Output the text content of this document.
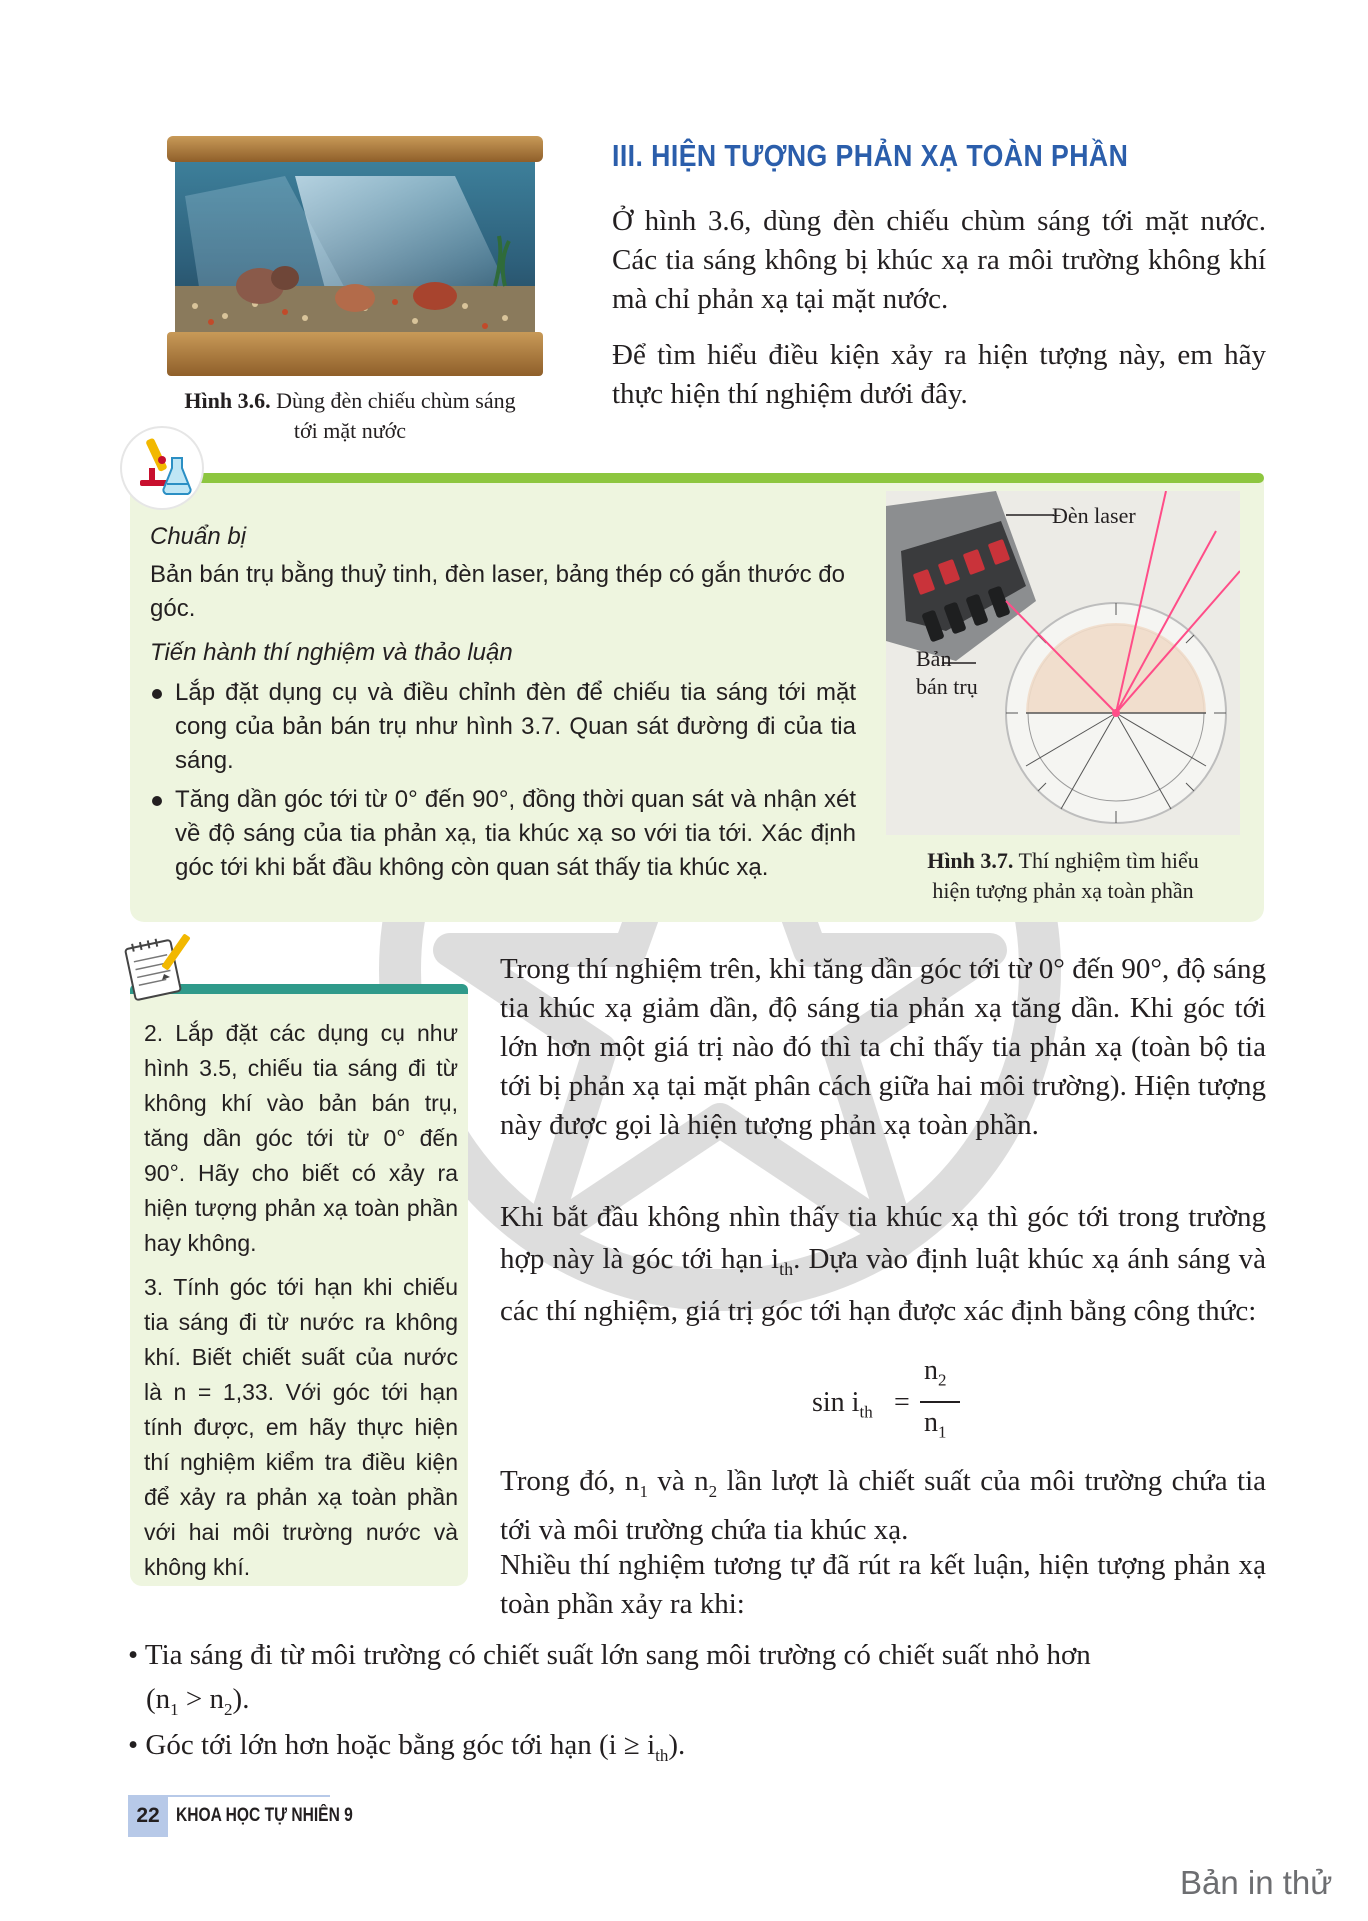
Hình 3.6. Dùng đèn chiếu chùm sáng
tới mặt nước
III. HIỆN TƯỢNG PHẢN XẠ TOÀN PHẦN
Ở hình 3.6, dùng đèn chiếu chùm sáng tới mặt nước. Các tia sáng không bị khúc xạ ra môi trường không khí mà chỉ phản xạ tại mặt nước.
Để tìm hiểu điều kiện xảy ra hiện tượng này, em hãy thực hiện thí nghiệm dưới đây.
Chuẩn bị
Bản bán trụ bằng thuỷ tinh, đèn laser, bảng thép có gắn thước đo góc.
Tiến hành thí nghiệm và thảo luận
Lắp đặt dụng cụ và điều chỉnh đèn để chiếu tia sáng tới mặt cong của bản bán trụ như hình 3.7. Quan sát đường đi của tia sáng.
Tăng dần góc tới từ 0° đến 90°, đồng thời quan sát và nhận xét về độ sáng của tia phản xạ, tia khúc xạ so với tia tới. Xác định góc tới khi bắt đầu không còn quan sát thấy tia khúc xạ.
Đèn laser
Bản
bán trụ
Hình 3.7. Thí nghiệm tìm hiểu
hiện tượng phản xạ toàn phần
2. Lắp đặt các dụng cụ như hình 3.5, chiếu tia sáng đi từ không khí vào bản bán trụ, tăng dần góc tới từ 0° đến 90°. Hãy cho biết có xảy ra hiện tượng phản xạ toàn phần hay không.
3. Tính góc tới hạn khi chiếu tia sáng đi từ nước ra không khí. Biết chiết suất của nước là n = 1,33. Với góc tới hạn tính được, em hãy thực hiện thí nghiệm kiểm tra điều kiện để xảy ra phản xạ toàn phần với hai môi trường nước và không khí.
Trong thí nghiệm trên, khi tăng dần góc tới từ 0° đến 90°, độ sáng tia khúc xạ giảm dần, độ sáng tia phản xạ tăng dần. Khi góc tới lớn hơn một giá trị nào đó thì ta chỉ thấy tia phản xạ (toàn bộ tia tới bị phản xạ tại mặt phân cách giữa hai môi trường). Hiện tượng này được gọi là hiện tượng phản xạ toàn phần.
Khi bắt đầu không nhìn thấy tia khúc xạ thì góc tới trong trường hợp này là góc tới hạn $i_{th}$. Dựa vào định luật khúc xạ ánh sáng và các thí nghiệm, giá trị góc tới hạn được xác định bằng công thức:
$\sin i_{th}$ =
$n_2$
$n_1$
Trong đó, $n_1$ và $n_2$ lần lượt là chiết suất của môi trường chứa tia tới và môi trường chứa tia khúc xạ.
Nhiều thí nghiệm tương tự đã rút ra kết luận, hiện tượng phản xạ toàn phần xảy ra khi:
• Tia sáng đi từ môi trường có chiết suất lớn sang môi trường có chiết suất nhỏ hơn
$(n_1 > n_2)$.
• Góc tới lớn hơn hoặc bằng góc tới hạn $(i \ge i_{th})$.
22 KHOA HỌC TỰ NHIÊN 9
Bản in thử
